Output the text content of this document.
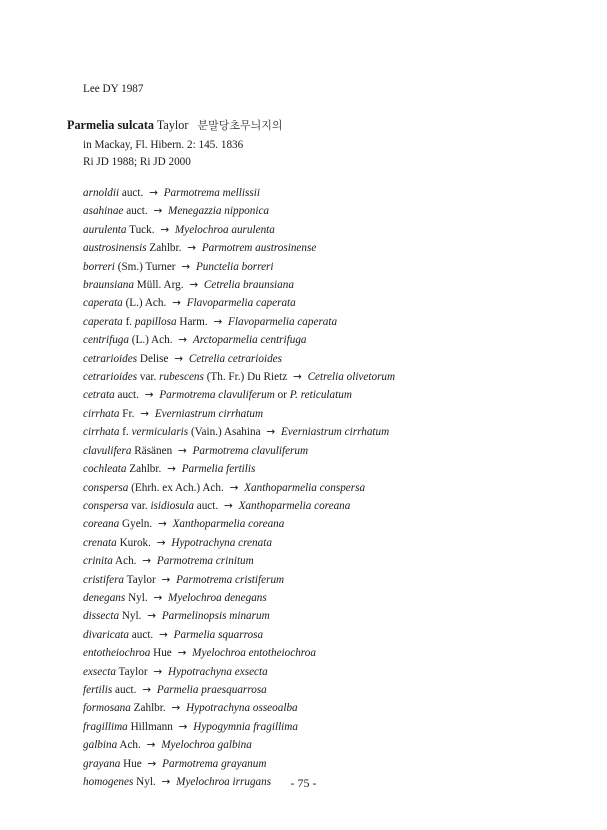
Lee DY 1987
Parmelia sulcata Taylor 분말당초무늬지의
in Mackay, Fl. Hibern. 2: 145. 1836
Ri JD 1988; Ri JD 2000
arnoldii auct. → Parmotrema mellissii
asahinae auct. → Menegazzia nipponica
aurulenta Tuck. → Myelochroa aurulenta
austrosinensis Zahlbr. → Parmotrem austrosinense
borreri (Sm.) Turner → Punctelia borreri
braunsiana Müll. Arg. → Cetrelia braunsiana
caperata (L.) Ach. → Flavoparmelia caperata
caperata f. papillosa Harm. → Flavoparmelia caperata
centrifuga (L.) Ach. → Arctoparmelia centrifuga
cetrarioides Delise → Cetrelia cetrarioides
cetrarioides var. rubescens (Th. Fr.) Du Rietz → Cetrelia olivetorum
cetrata auct. → Parmotrema clavuliferum or P. reticulatum
cirrhata Fr. → Everniastrum cirrhatum
cirrhata f. vermicularis (Vain.) Asahina → Everniastrum cirrhatum
clavulifera Räsänen → Parmotrema clavuliferum
cochleata Zahlbr. → Parmelia fertilis
conspersa (Ehrh. ex Ach.) Ach. → Xanthoparmelia conspersa
conspersa var. isidiosula auct. → Xanthoparmelia coreana
coreana Gyeln. → Xanthoparmelia coreana
crenata Kurok. → Hypotrachyna crenata
crinita Ach. → Parmotrema crinitum
cristifera Taylor → Parmotrema cristiferum
denegans Nyl. → Myelochroa denegans
dissecta Nyl. → Parmelinopsis minarum
divaricata auct. → Parmelia squarrosa
entotheiochroa Hue → Myelochroa entotheiochroa
exsecta Taylor → Hypotrachyna exsecta
fertilis auct. → Parmelia praesquarrosa
formosana Zahlbr. → Hypotrachyna osseoalba
fragillima Hillmann → Hypogymnia fragillima
galbina Ach. → Myelochroa galbina
grayana Hue → Parmotrema grayanum
homogenes Nyl. → Myelochroa irrugans	- 75 -
